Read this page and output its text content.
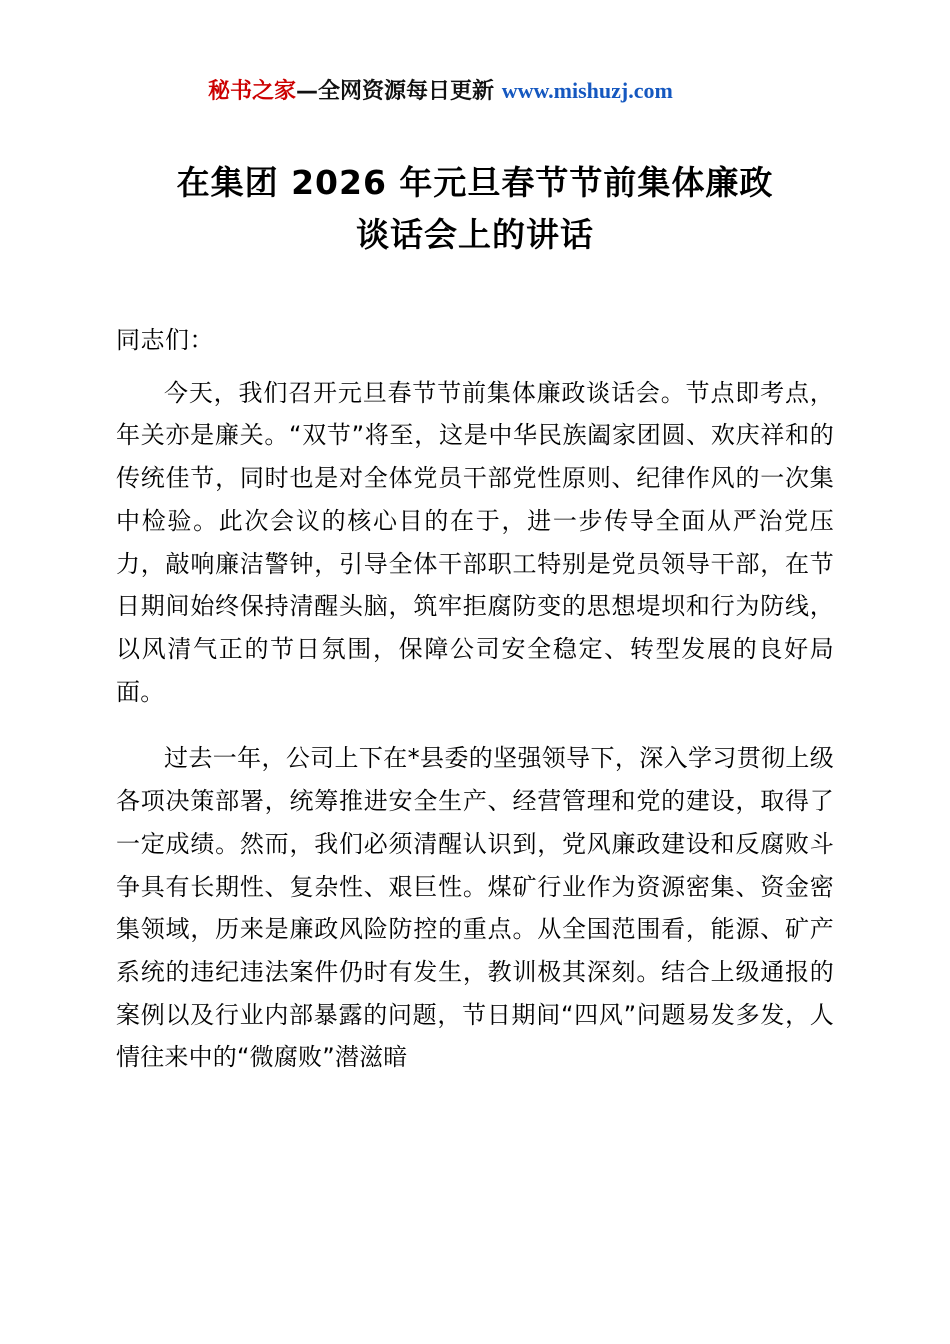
秘书之家—全网资源每日更新 www.mishuzj.com
在集团 2026 年元旦春节节前集体廉政谈话会上的讲话
同志们：

今天，我们召开元旦春节节前集体廉政谈话会。节点即考点，年关亦是廉关。“双节”将至，这是中华民族阖家团圆、欢庆祥和的传统佳节，同时也是对全体党员干部党性原则、纪律作风的一次集中检验。此次会议的核心目的在于，进一步传导全面从严治党压力，敲响廉洁警钟，引导全体干部职工特别是党员领导干部，在节日期间始终保持清醒头脑，筑牢拒腐防变的思想堤坝和行为防线，以风清气正的节日氛围，保障公司安全稳定、转型发展的良好局面。

过去一年，公司上下在*县委的坚强领导下，深入学习贯彻上级各项决策部署，统筹推进安全生产、经营管理和党的建设，取得了一定成绩。然而，我们必须清醒认识到，党风廉政建设和反腐败斗争具有长期性、复杂性、艰巨性。煤矿行业作为资源密集、资金密集领域，历来是廉政风险防控的重点。从全国范围看，能源、矿产系统的违纪违法案件仍时有发生，教训极其深刻。结合上级通报的案例以及行业内部暴露的问题，节日期间“四风”问题易发多发，人情往来中的“微腐败”潜滋暗
